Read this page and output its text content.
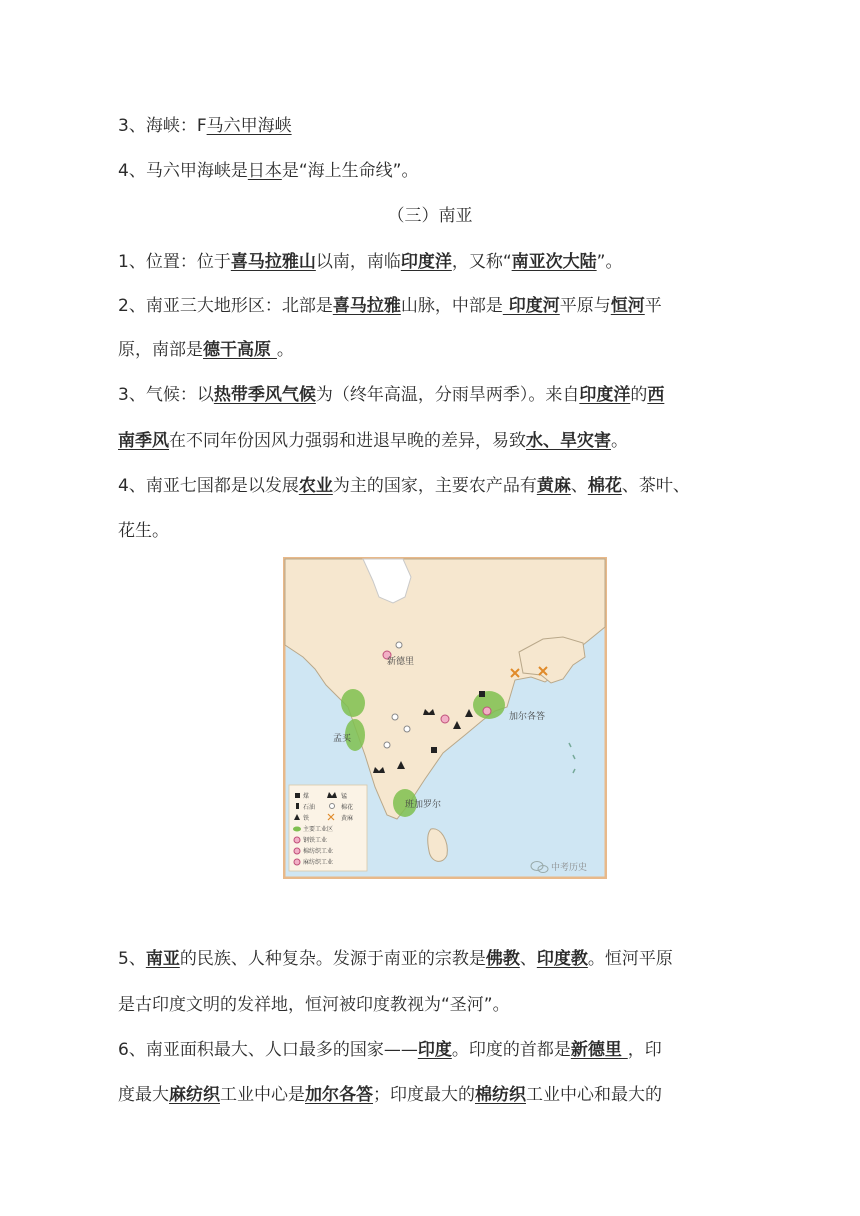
3、海峡：F马六甲海峡
4、马六甲海峡是日本是“海上生命线”。
（三）南亚
1、位置：位于喜马拉雅山以南，南临印度洋，又称“南亚次大陆”。
2、南亚三大地形区：北部是喜马拉雅山脉，中部是 印度河平原与恒河平
原，南部是德干高原 。
3、气候：以热带季风气候为（终年高温，分雨旱两季）。来自印度洋的西
南季风在不同年份因风力强弱和进退早晚的差异，易致水、旱灾害。
4、南亚七国都是以发展农业为主的国家，主要农产品有黄麻、棉花、茶叶、
花生。
新德里
孟买
加尔各答
班加罗尔
煤	锰
石油	棉花
铁	黄麻
主要工业区
钢铁工业
棉纺织工业
麻纺织工业
中考历史
5、南亚的民族、人种复杂。发源于南亚的宗教是佛教、印度教。恒河平原
是古印度文明的发祥地，恒河被印度教视为“圣河”。
6、南亚面积最大、人口最多的国家——印度。印度的首都是新德里 ，印
度最大麻纺织工业中心是加尔各答；印度最大的棉纺织工业中心和最大的
